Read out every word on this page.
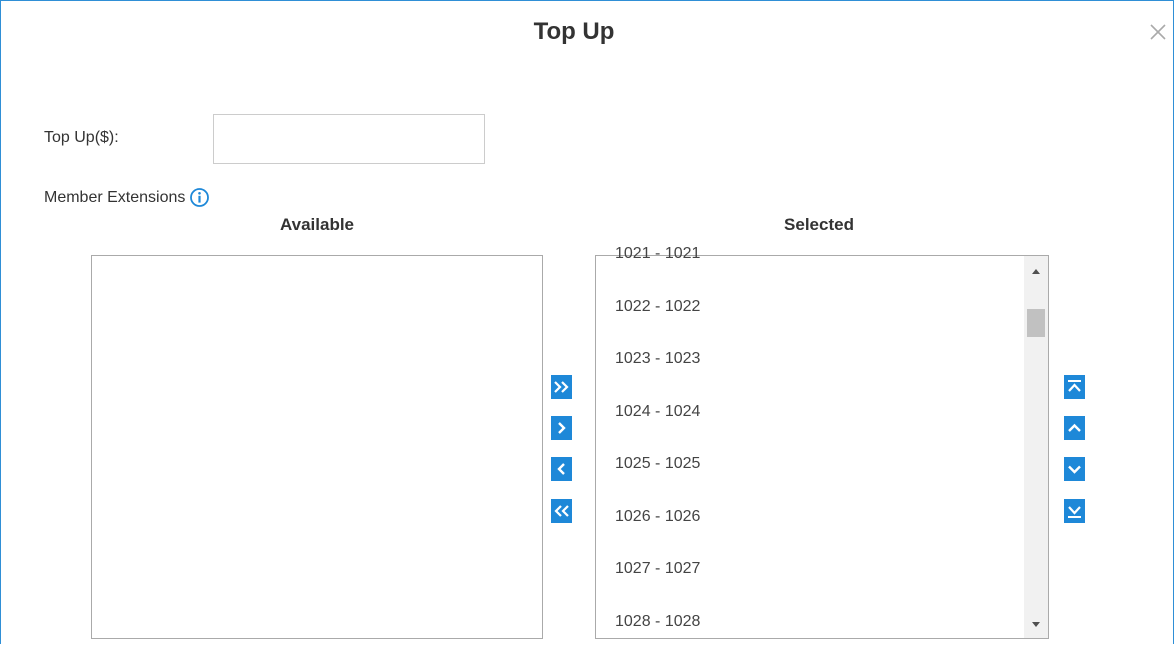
Top Up
Top Up($):
Member Extensions
Available	Selected
1021 - 1021
1022 - 1022
1023 - 1023
1024 - 1024
1025 - 1025
1026 - 1026
1027 - 1027
1028 - 1028
